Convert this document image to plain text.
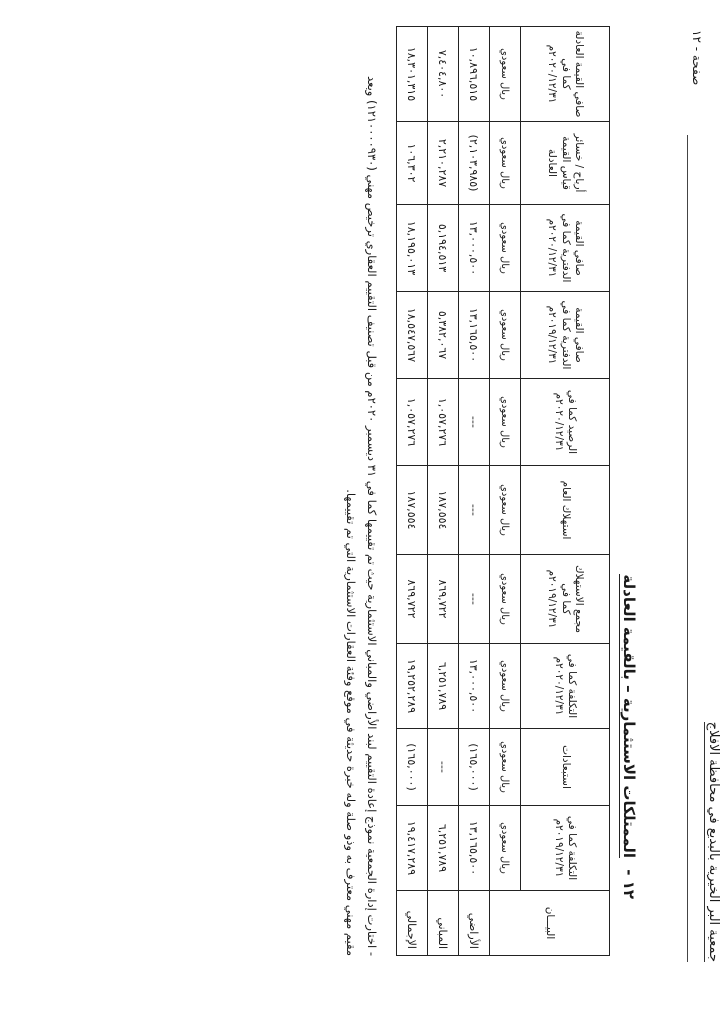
جمعية البر الخيرية بالبديع في محافظة الافلاج
صفحة - ١٢
١٢ - الممتلكات الاستثمارية – بالقيمة العادلة
البيـــان	التكلفة كما في ٢٠١٩/١٢/٣١م	استبعادات	التكلفة كما في ٢٠٢٠/١٢/٣١م	مجمع الاستهلاك كما في ٢٠١٩/١٢/٣١م	استهلاك العام	الرصيد كما في ٢٠٢٠/١٢/٣١م	صافي القيمة الدفترية كما في ٢٠١٩/١٢/٣١م	صافي القيمة الدفترية كما في ٢٠٢٠/١٢/٣١م	أرباح / خسائر قياس القيمة العادلة	صافي القيمة العادلة كما في ٢٠٢٠/١٢/٣١م
	ريال سعودي	ريال سعودي	ريال سعودي	ريال سعودي	ريال سعودي	ريال سعودي	ريال سعودي	ريال سعودي	ريال سعودي	ريال سعودي
الأراضي	١٣,١٦٥,٥٠٠	(١٦٥,٠٠٠)	١٣,٠٠٠,٥٠٠	---	---	---	١٣,١٦٥,٥٠٠	١٣,٠٠٠,٥٠٠	(٢,١٠٣,٩٨٥)	١٠,٨٩٦,٥١٥
المباني	٦,٢٥١,٧٨٩	---	٦,٢٥١,٧٨٩	٨٦٩,٧٢٢	١٨٧,٥٥٤	١,٠٥٧,٢٧٦	٥,٣٨٢,٠٦٧	٥,١٩٤,٥١٣	٢,٢١٠,٢٨٧	٧,٤٠٤,٨٠٠
الإجمالي	١٩,٤١٧,٢٨٩	(١٦٥,٠٠٠)	١٩,٢٥٢,٢٨٩	٨٦٩,٧٢٢	١٨٧,٥٥٤	١,٠٥٧,٢٧٦	١٨,٥٤٧,٥٦٧	١٨,١٩٥,٠١٣	١٠٦,٣٠٢	١٨,٣٠١,٣١٥
- اختارت إدارة الجمعية نموذج إعادة التقييم لبند الأراضي والمباني الاستثمارية حيث تم تقييمها كما في ٣١ ديسمبر ٢٠٢٠م من قبل تصنيف التقييم العقاري ترخيص مهني (١٢١٠٠٠٠٩٣٠) ويعد مقيم مهني معترف به وذو صلة وله خبرة حديثة في موقع وفئة العقارات الاستثمارية التي تم تقييمها.
